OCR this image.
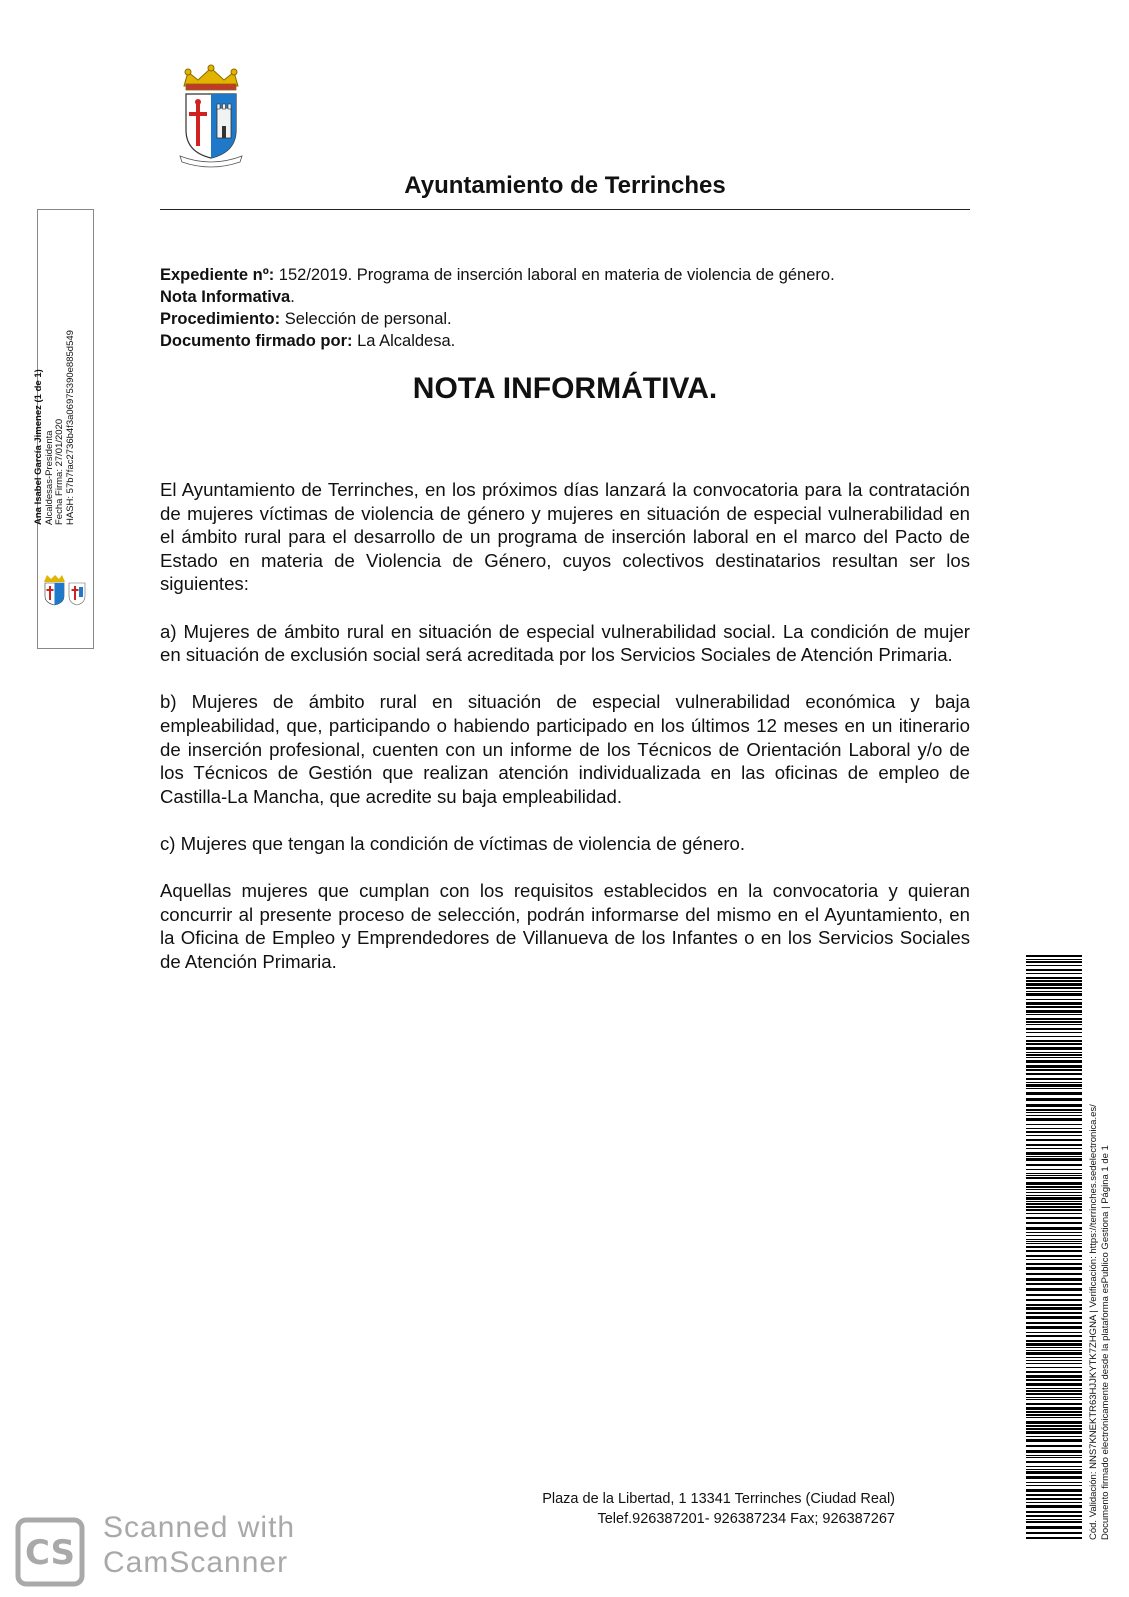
Ayuntamiento de Terrinches
Expediente nº: 152/2019. Programa de inserción laboral en materia de violencia de género.
Nota Informativa.
Procedimiento: Selección de personal.
Documento firmado por: La Alcaldesa.
NOTA INFORMÁTIVA.

El Ayuntamiento de Terrinches, en los próximos días lanzará la convocatoria para la contratación de mujeres víctimas de violencia de género y mujeres en situación de especial vulnerabilidad en el ámbito rural para el desarrollo de un programa de inserción laboral en el marco del Pacto de Estado en materia de Violencia de Género, cuyos colectivos destinatarios resultan ser los siguientes:

a) Mujeres de ámbito rural en situación de especial vulnerabilidad social. La condición de mujer en situación de exclusión social será acreditada por los Servicios Sociales de Atención Primaria.

b) Mujeres de ámbito rural en situación de especial vulnerabilidad económica y baja empleabilidad, que, participando o habiendo participado en los últimos 12 meses en un itinerario de inserción profesional, cuenten con un informe de los Técnicos de Orientación Laboral y/o de los Técnicos de Gestión que realizan atención individualizada en las oficinas de empleo de Castilla-La Mancha, que acredite su baja empleabilidad.

c) Mujeres que tengan la condición de víctimas de violencia de género.

Aquellas mujeres que cumplan con los requisitos establecidos en la convocatoria y quieran concurrir al presente proceso de selección, podrán informarse del mismo en el Ayuntamiento, en la Oficina de Empleo y Emprendedores de Villanueva de los Infantes o en los Servicios Sociales de Atención Primaria.

Ana Isabel García Jimenez (1 de 1) Alcaldesas-Presidenta Fecha Firma: 27/01/2020 HASH: 57b7fac2736b4f3a06975390e885d549
Cód. Validación: NNS7KNEKTR63HJJKYTK7ZHGNA | Verificación: https://terrinches.sedelectronica.es/ Documento firmado electrónicamente desde la plataforma esPublico Gestiona | Página 1 de 1
Plaza de la Libertad, 1 13341 Terrinches (Ciudad Real)
Telef.926387201- 926387234 Fax; 926387267
CS
Scanned with
CamScanner
